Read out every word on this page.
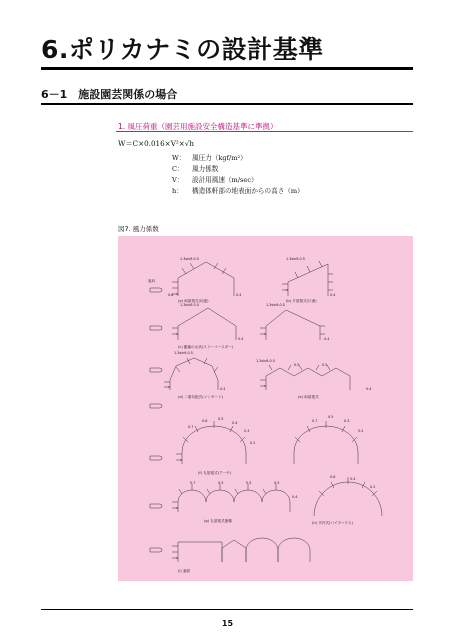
6.ポリカナミの設計基準
6－1　施設園芸関係の場合
1. 風圧荷重（園芸用施設安全構造基準に準拠）
W＝C×0.016×V²×√h
W： 風圧力（kgf/m²）
C： 風力係数
V： 設計用風速（m/sec）
h： 構造体軒部の地表面からの高さ（m）
図7. 風力係数
風向
1.3sinθ-0.5	1.3sinθ-0.5
1.3sinθ-0.5	1.3sinθ-0.5
1.3sinθ-0.5
1.3sinθ-0.5
0.8	0.4	0.4
0.4	0.4
0.4	0.4
0.5	0.5
0.7
0.6	0.5
0.4
0.3
0.2
0.7
0.5
0.3
0.2
0.7	0.5	0.5	0.5
0.4
0.6	0.4
0.2
(a) 両屋根式(切妻)	(b) 片屋根式(片流)
(c) 鋸歯の山状(スリーコースター)
(d) 二重勾配式(マンサード)	(e) 両屋根式
(f) 丸屋根式(アーチ)
(g) 丸屋根式連棟	(h) 半円式(パイプハウス)
(i) 妻面
15
